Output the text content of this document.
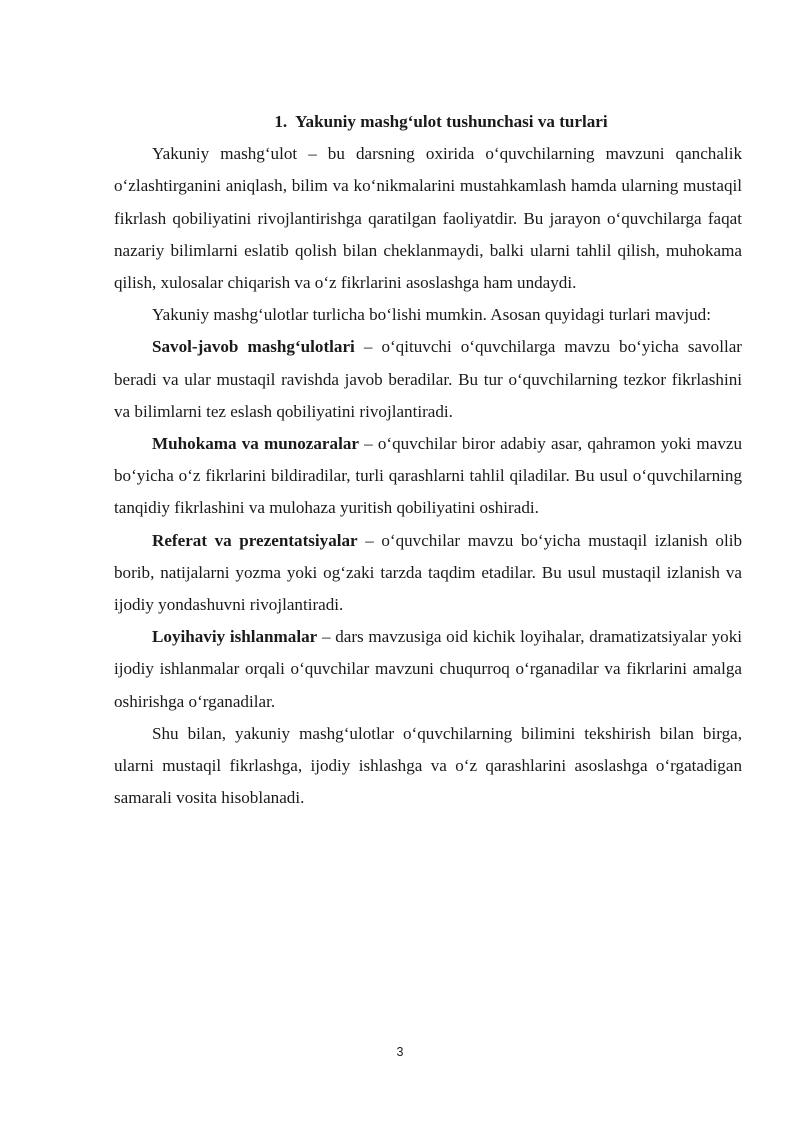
1. Yakuniy mashg‘ulot tushunchasi va turlari

Yakuniy mashg‘ulot – bu darsning oxirida o‘quvchilarning mavzuni qanchalik o‘zlashtirganini aniqlash, bilim va ko‘nikmalarini mustahkamlash hamda ularning mustaqil fikrlash qobiliyatini rivojlantirishga qaratilgan faoliyatdir. Bu jarayon o‘quvchilarga faqat nazariy bilimlarni eslatib qolish bilan cheklanmaydi, balki ularni tahlil qilish, muhokama qilish, xulosalar chiqarish va o‘z fikrlarini asoslashga ham undaydi.

Yakuniy mashg‘ulotlar turlicha bo‘lishi mumkin. Asosan quyidagi turlari mavjud:

Savol-javob mashg‘ulotlari – o‘qituvchi o‘quvchilarga mavzu bo‘yicha savollar beradi va ular mustaqil ravishda javob beradilar. Bu tur o‘quvchilarning tezkor fikrlashini va bilimlarni tez eslash qobiliyatini rivojlantiradi.

Muhokama va munozaralar – o‘quvchilar biror adabiy asar, qahramon yoki mavzu bo‘yicha o‘z fikrlarini bildiradilar, turli qarashlarni tahlil qiladilar. Bu usul o‘quvchilarning tanqidiy fikrlashini va mulohaza yuritish qobiliyatini oshiradi.

Referat va prezentatsiyalar – o‘quvchilar mavzu bo‘yicha mustaqil izlanish olib borib, natijalarni yozma yoki og‘zaki tarzda taqdim etadilar. Bu usul mustaqil izlanish va ijodiy yondashuvni rivojlantiradi.

Loyihaviy ishlanmalar – dars mavzusiga oid kichik loyihalar, dramatizatsiyalar yoki ijodiy ishlanmalar orqali o‘quvchilar mavzuni chuqurroq o‘rganadilar va fikrlarini amalga oshirishga o‘rganadilar.

Shu bilan, yakuniy mashg‘ulotlar o‘quvchilarning bilimini tekshirish bilan birga, ularni mustaqil fikrlashga, ijodiy ishlashga va o‘z qarashlarini asoslashga o‘rgatadigan samarali vosita hisoblanadi.

3
